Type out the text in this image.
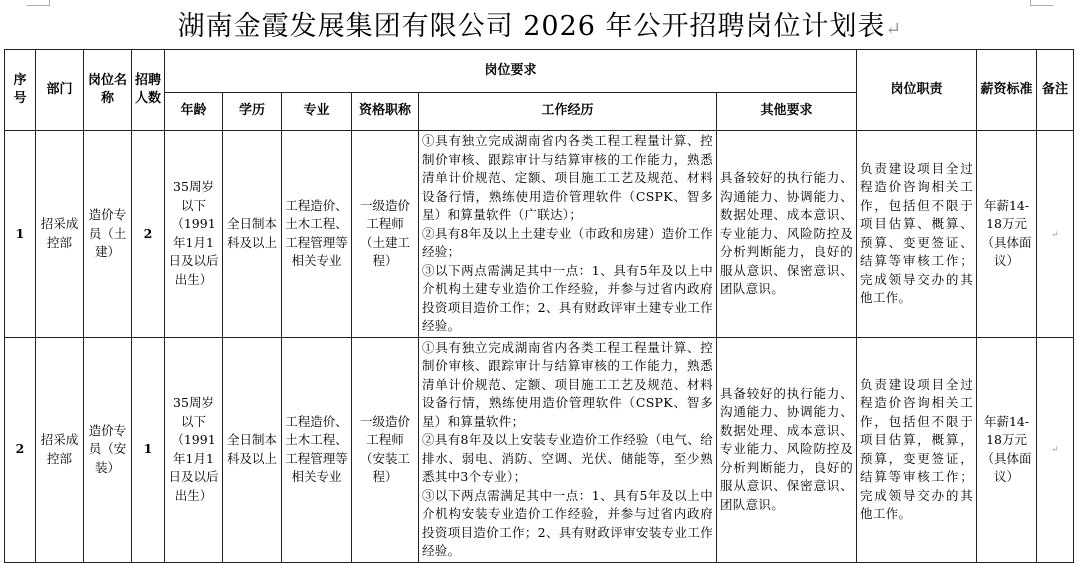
湖南金霞发展集团有限公司 2026 年公开招聘岗位计划表↵
序号	部门	岗位名称	招聘人数	岗位要求						岗位职责	薪资标准	备注
				年龄	学历	专业	资格职称	工作经历	其他要求			
1	招采成控部	造价专员（土建）	2	35周岁以下（1991年1月1日及以后出生）	全日制本科及以上	工程造价、土木工程、工程管理等相关专业	一级造价工程师（土建工程）	①具有独立完成湖南省内各类工程工程量计算、控制价审核、跟踪审计与结算审核的工作能力，熟悉清单计价规范、定额、项目施工工艺及规范、材料设备行情，熟练使用造价管理软件（CSPK、智多星）和算量软件（广联达）；
②具有8年及以上土建专业（市政和房建）造价工作经验；
③以下两点需满足其中一点：1、具有5年及以上中介机构土建专业造价工作经验，并参与过省内政府投资项目造价工作；2、具有财政评审土建专业工作经验。	具备较好的执行能力、沟通能力、协调能力、数据处理、成本意识、专业能力、风险防控及分析判断能力，良好的服从意识、保密意识、团队意识。	负责建设项目全过程造价咨询相关工作，包括但不限于项目估算、概算、预算、变更签证、结算等审核工作；完成领导交办的其他工作。	年薪14-18万元（具体面议）	↵
2	招采成控部	造价专员（安装）	1	35周岁以下（1991年1月1日及以后出生）	全日制本科及以上	工程造价、土木工程、工程管理等相关专业	一级造价工程师（安装工程）	①具有独立完成湖南省内各类工程工程量计算、控制价审核、跟踪审计与结算审核的工作能力，熟悉清单计价规范、定额、项目施工工艺及规范、材料设备行情，熟练使用造价管理软件（CSPK、智多星）和算量软件；
②具有8年及以上安装专业造价工作经验（电气、给排水、弱电、消防、空调、光伏、储能等，至少熟悉其中3个专业）；
③以下两点需满足其中一点：1、具有5年及以上中介机构安装专业造价工作经验，并参与过省内政府投资项目造价工作；2、具有财政评审安装专业工作经验。	具备较好的执行能力、沟通能力、协调能力、数据处理、成本意识、专业能力、风险防控及分析判断能力，良好的服从意识、保密意识、团队意识。	负责建设项目全过程造价咨询相关工作，包括但不限于项目估算，概算，预算，变更签证，结算等审核工作；完成领导交办的其他工作。	年薪14-18万元（具体面议）	↵
